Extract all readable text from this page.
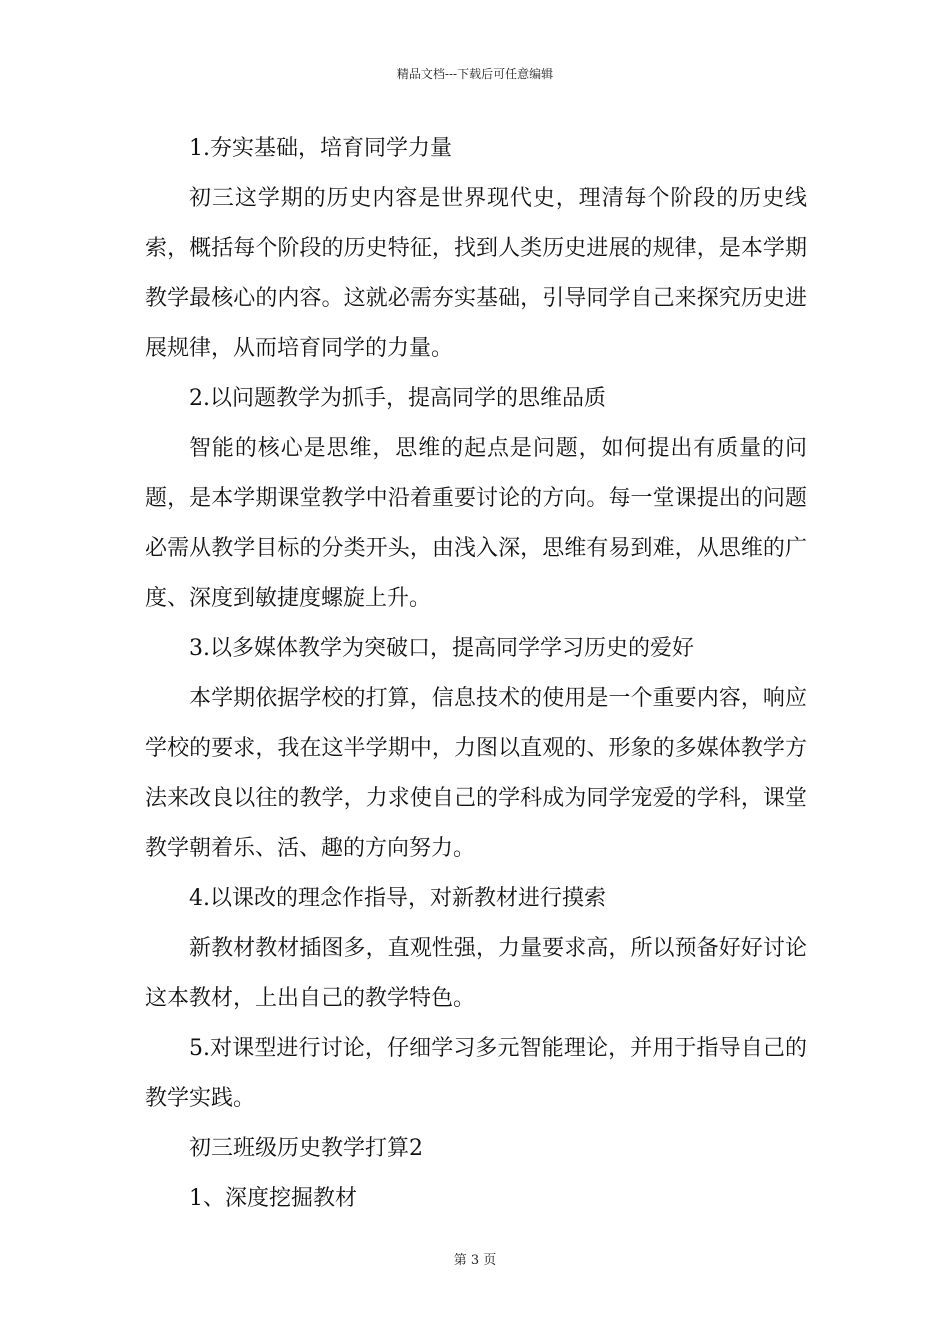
精品文档---下载后可任意编辑

1.夯实基础，培育同学力量

初三这学期的历史内容是世界现代史，理清每个阶段的历史线索，概括每个阶段的历史特征，找到人类历史进展的规律，是本学期教学最核心的内容。这就必需夯实基础，引导同学自己来探究历史进展规律，从而培育同学的力量。

2.以问题教学为抓手，提高同学的思维品质

智能的核心是思维，思维的起点是问题，如何提出有质量的问题，是本学期课堂教学中沿着重要讨论的方向。每一堂课提出的问题必需从教学目标的分类开头，由浅入深，思维有易到难，从思维的广度、深度到敏捷度螺旋上升。

3.以多媒体教学为突破口，提高同学学习历史的爱好

本学期依据学校的打算，信息技术的使用是一个重要内容，响应学校的要求，我在这半学期中，力图以直观的、形象的多媒体教学方法来改良以往的教学，力求使自己的学科成为同学宠爱的学科，课堂教学朝着乐、活、趣的方向努力。

4.以课改的理念作指导，对新教材进行摸索

新教材教材插图多，直观性强，力量要求高，所以预备好好讨论这本教材，上出自己的教学特色。

5.对课型进行讨论，仔细学习多元智能理论，并用于指导自己的教学实践。

初三班级历史教学打算2

1、深度挖掘教材

第 3 页
